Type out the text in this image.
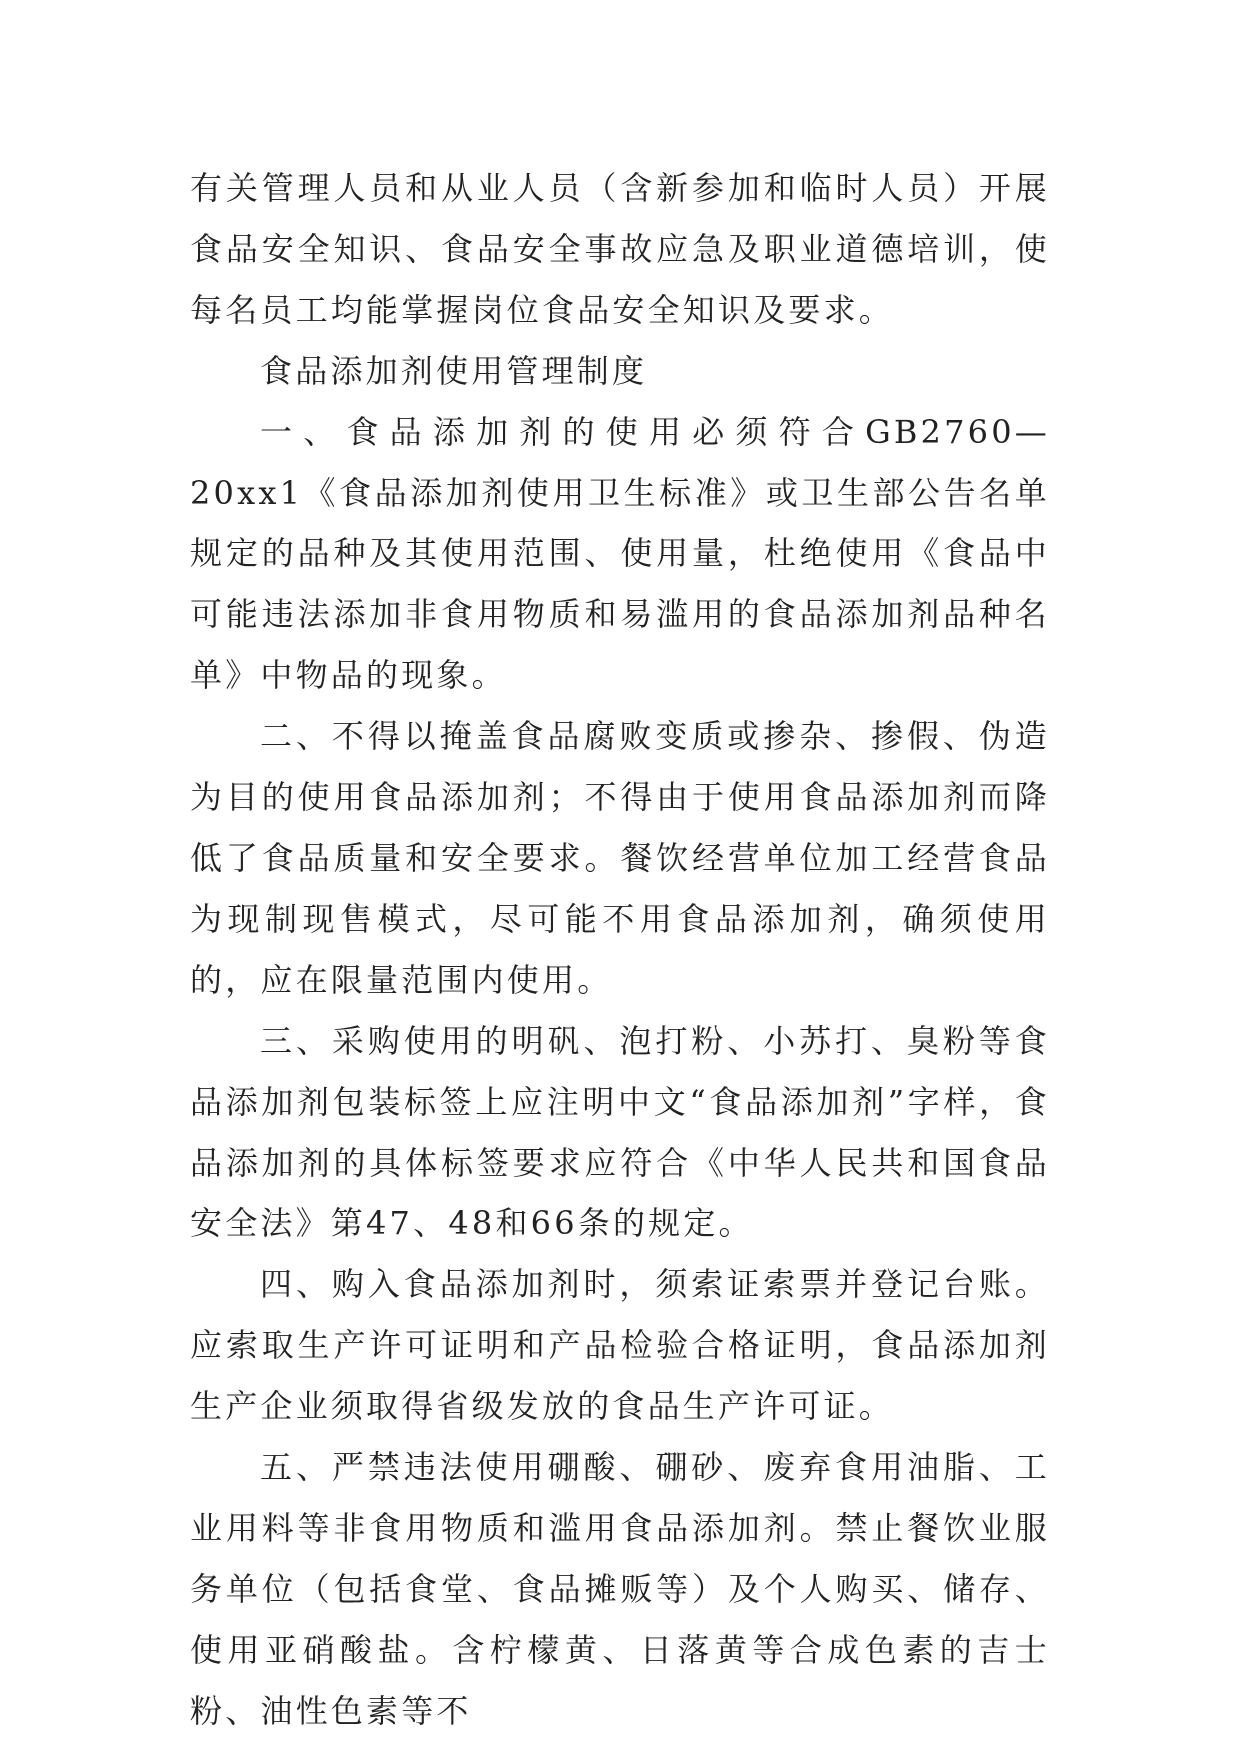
有关管理人员和从业人员（含新参加和临时人员）开展食品安全知识、食品安全事故应急及职业道德培训，使每名员工均能掌握岗位食品安全知识及要求。

食品添加剂使用管理制度

一、食品添加剂的使用必须符合GB2760—20xx1《食品添加剂使用卫生标准》或卫生部公告名单规定的品种及其使用范围、使用量，杜绝使用《食品中可能违法添加非食用物质和易滥用的食品添加剂品种名单》中物品的现象。

二、不得以掩盖食品腐败变质或掺杂、掺假、伪造为目的使用食品添加剂；不得由于使用食品添加剂而降低了食品质量和安全要求。餐饮经营单位加工经营食品为现制现售模式，尽可能不用食品添加剂，确须使用的，应在限量范围内使用。

三、采购使用的明矾、泡打粉、小苏打、臭粉等食品添加剂包装标签上应注明中文“食品添加剂”字样，食品添加剂的具体标签要求应符合《中华人民共和国食品安全法》第47、48和66条的规定。

四、购入食品添加剂时，须索证索票并登记台账。应索取生产许可证明和产品检验合格证明，食品添加剂生产企业须取得省级发放的食品生产许可证。

五、严禁违法使用硼酸、硼砂、废弃食用油脂、工业用料等非食用物质和滥用食品添加剂。禁止餐饮业服务单位（包括食堂、食品摊贩等）及个人购买、储存、使用亚硝酸盐。含柠檬黄、日落黄等合成色素的吉士粉、油性色素等不
